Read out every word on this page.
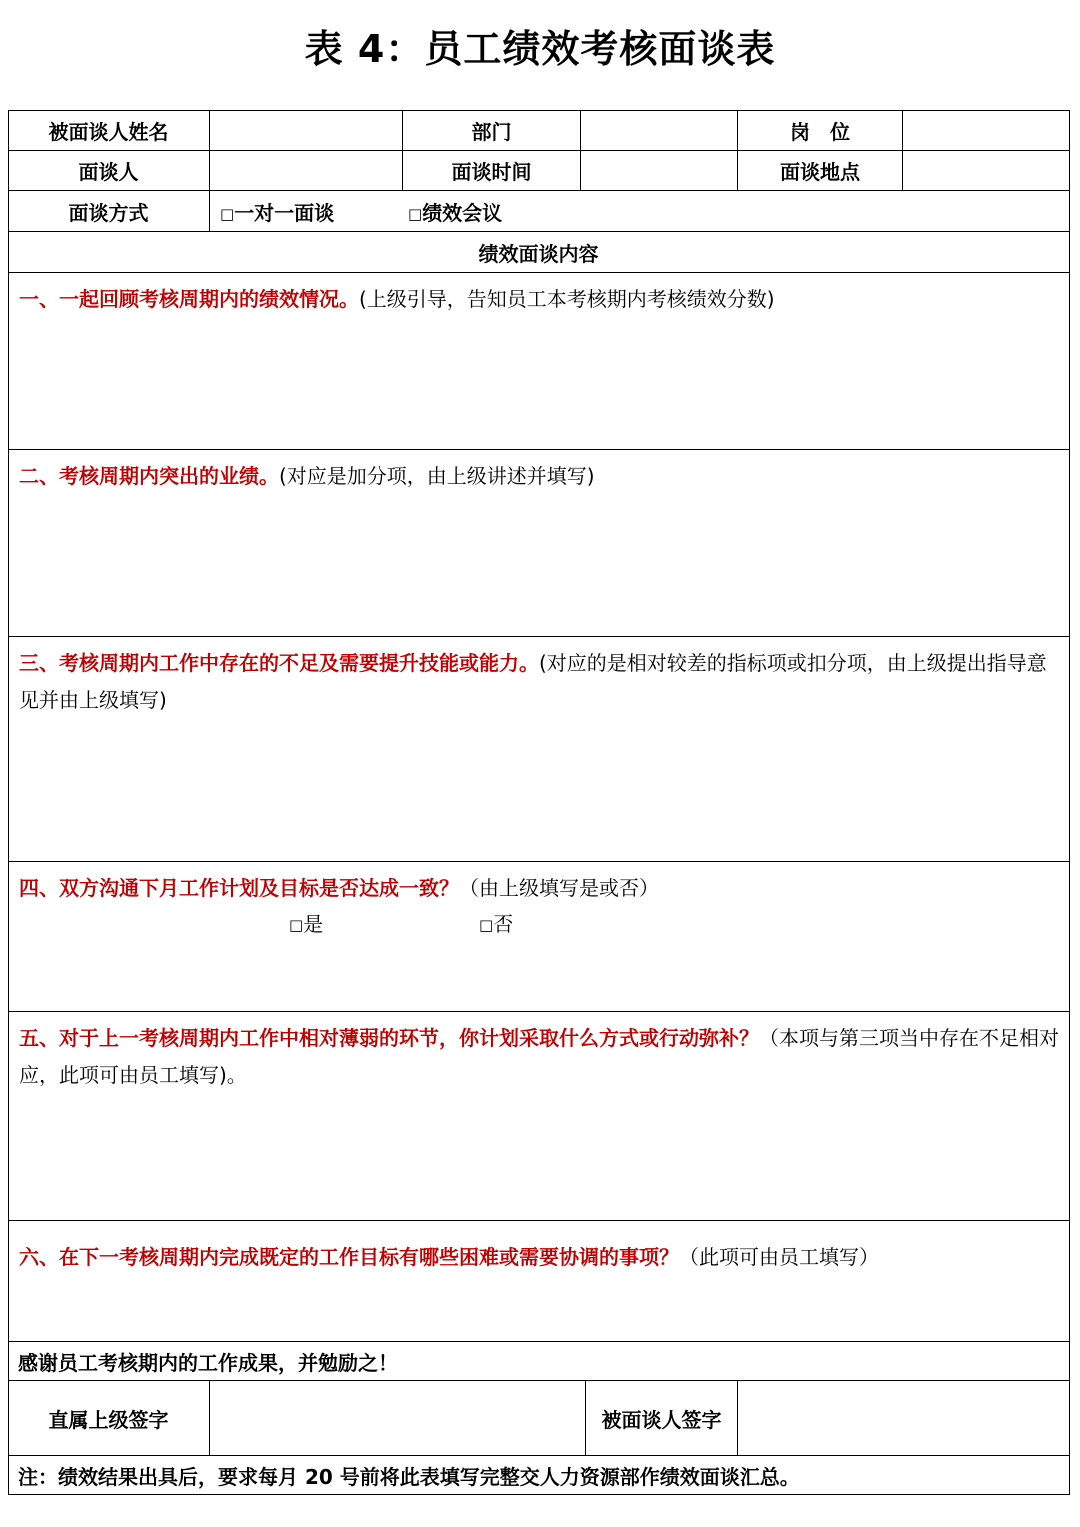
表 4：员工绩效考核面谈表
被面谈人姓名	部门	岗　位
面谈人	面谈时间	面谈地点
面谈方式	□一对一面谈	□绩效会议
绩效面谈内容
一、一起回顾考核周期内的绩效情况。(上级引导，告知员工本考核期内考核绩效分数)
二、考核周期内突出的业绩。(对应是加分项，由上级讲述并填写)
三、考核周期内工作中存在的不足及需要提升技能或能力。(对应的是相对较差的指标项或扣分项，由上级提出指导意见并由上级填写)
四、双方沟通下月工作计划及目标是否达成一致？（由上级填写是或否）
□是	□否
五、对于上一考核周期内工作中相对薄弱的环节，你计划采取什么方式或行动弥补？（本项与第三项当中存在不足相对应，此项可由员工填写)。
六、在下一考核周期内完成既定的工作目标有哪些困难或需要协调的事项？（此项可由员工填写）
感谢员工考核期内的工作成果，并勉励之！
直属上级签字	被面谈人签字
注：绩效结果出具后，要求每月 20 号前将此表填写完整交人力资源部作绩效面谈汇总。
